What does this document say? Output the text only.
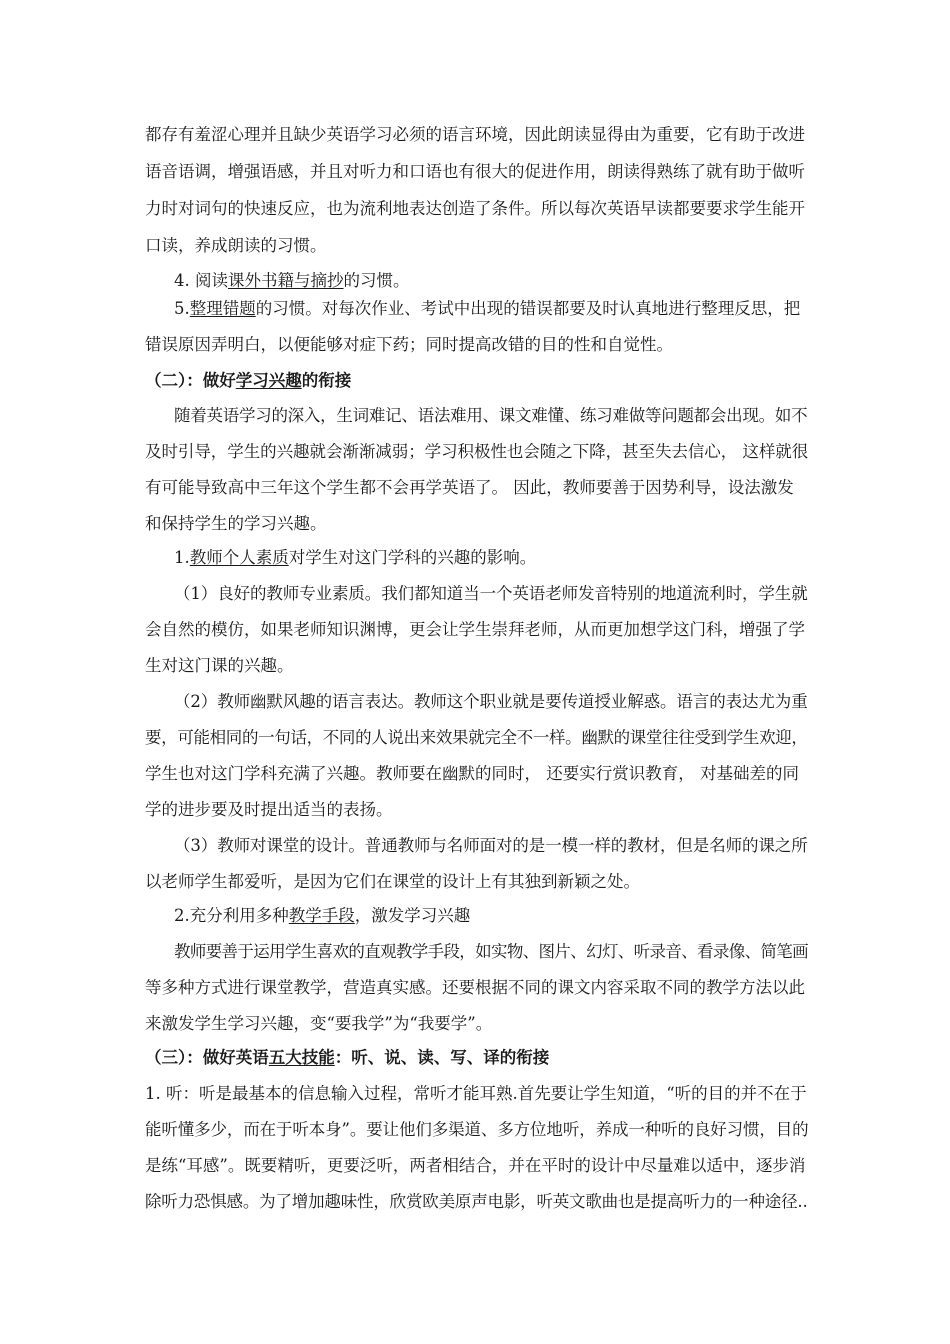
都存有羞涩心理并且缺少英语学习必须的语言环境，因此朗读显得由为重要，它有助于改进

语音语调，增强语感，并且对听力和口语也有很大的促进作用，朗读得熟练了就有助于做听

力时对词句的快速反应，也为流利地表达创造了条件。所以每次英语早读都要要求学生能开

口读，养成朗读的习惯。

4. 阅读课外书籍与摘抄的习惯。

5.整理错题的习惯。对每次作业、考试中出现的错误都要及时认真地进行整理反思，把

错误原因弄明白，以便能够对症下药；同时提高改错的目的性和自觉性。

（二）：做好学习兴趣的衔接

随着英语学习的深入，生词难记、语法难用、课文难懂、练习难做等问题都会出现。如不

及时引导，学生的兴趣就会渐渐减弱；学习积极性也会随之下降，甚至失去信心， 这样就很

有可能导致高中三年这个学生都不会再学英语了。 因此，教师要善于因势利导，设法激发

和保持学生的学习兴趣。

1.教师个人素质对学生对这门学科的兴趣的影响。

（1）良好的教师专业素质。我们都知道当一个英语老师发音特别的地道流利时，学生就

会自然的模仿，如果老师知识渊博，更会让学生崇拜老师，从而更加想学这门科，增强了学

生对这门课的兴趣。

（2）教师幽默风趣的语言表达。教师这个职业就是要传道授业解惑。语言的表达尤为重

要，可能相同的一句话，不同的人说出来效果就完全不一样。幽默的课堂往往受到学生欢迎，

学生也对这门学科充满了兴趣。教师要在幽默的同时， 还要实行赏识教育， 对基础差的同

学的进步要及时提出适当的表扬。

（3）教师对课堂的设计。普通教师与名师面对的是一模一样的教材，但是名师的课之所

以老师学生都爱听，是因为它们在课堂的设计上有其独到新颖之处。

2.充分利用多种教学手段，激发学习兴趣

教师要善于运用学生喜欢的直观教学手段，如实物、图片、幻灯、听录音、看录像、简笔画

等多种方式进行课堂教学，营造真实感。还要根据不同的课文内容采取不同的教学方法以此

来激发学生学习兴趣，变“要我学”为“我要学”。

（三）：做好英语五大技能：听、说、读、写、译的衔接

1. 听：听是最基本的信息输入过程，常听才能耳熟.首先要让学生知道，“听的目的并不在于

能听懂多少，而在于听本身”。要让他们多渠道、多方位地听，养成一种听的良好习惯，目的

是练“耳感”。既要精听，更要泛听，两者相结合，并在平时的设计中尽量难以适中，逐步消

除听力恐惧感。为了增加趣味性，欣赏欧美原声电影，听英文歌曲也是提高听力的一种途径..
